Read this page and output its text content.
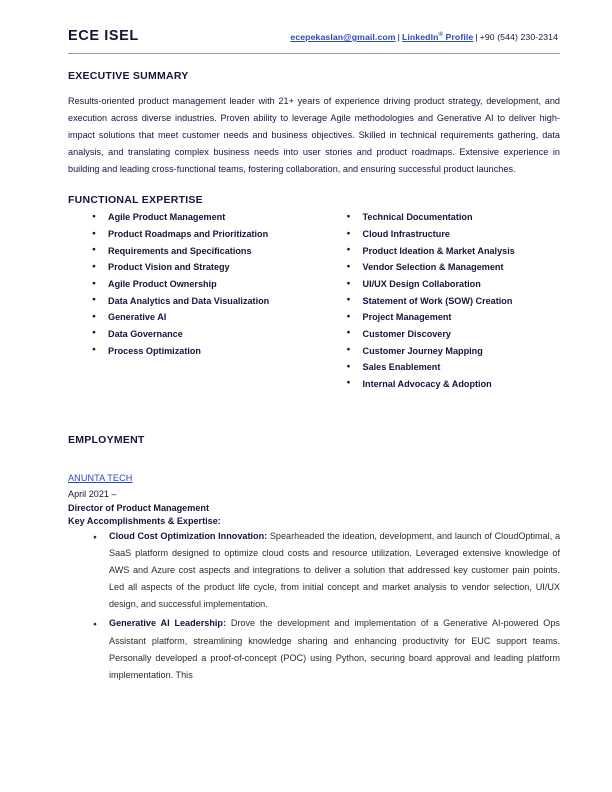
ECE ISEL	ecepekaslan@gmail.com | LinkedIn® Profile | +90 (544) 230-2314
EXECUTIVE SUMMARY
Results-oriented product management leader with 21+ years of experience driving product strategy, development, and execution across diverse industries. Proven ability to leverage Agile methodologies and Generative AI to deliver high-impact solutions that meet customer needs and business objectives. Skilled in technical requirements gathering, data analysis, and translating complex business needs into user stories and product roadmaps. Extensive experience in building and leading cross-functional teams, fostering collaboration, and ensuring successful product launches.
FUNCTIONAL EXPERTISE
● Agile Product Management
● Product Roadmaps and Prioritization
● Requirements and Specifications
● Product Vision and Strategy
● Agile Product Ownership
● Data Analytics and Data Visualization
● Generative AI
● Data Governance
● Process Optimization
● Technical Documentation
● Cloud Infrastructure
● Product Ideation & Market Analysis
● Vendor Selection & Management
● UI/UX Design Collaboration
● Statement of Work (SOW) Creation
● Project Management
● Customer Discovery
● Customer Journey Mapping
● Sales Enablement
● Internal Advocacy & Adoption
EMPLOYMENT
ANUNTA TECH
April 2021 –
Director of Product Management
Key Accomplishments & Expertise:
● Cloud Cost Optimization Innovation: Spearheaded the ideation, development, and launch of CloudOptimal, a SaaS platform designed to optimize cloud costs and resource utilization. Leveraged extensive knowledge of AWS and Azure cost aspects and integrations to deliver a solution that addressed key customer pain points. Led all aspects of the product life cycle, from initial concept and market analysis to vendor selection, UI/UX design, and successful implementation.
● Generative AI Leadership: Drove the development and implementation of a Generative AI-powered Ops Assistant platform, streamlining knowledge sharing and enhancing productivity for EUC support teams. Personally developed a proof-of-concept (POC) using Python, securing board approval and leading platform implementation. This
